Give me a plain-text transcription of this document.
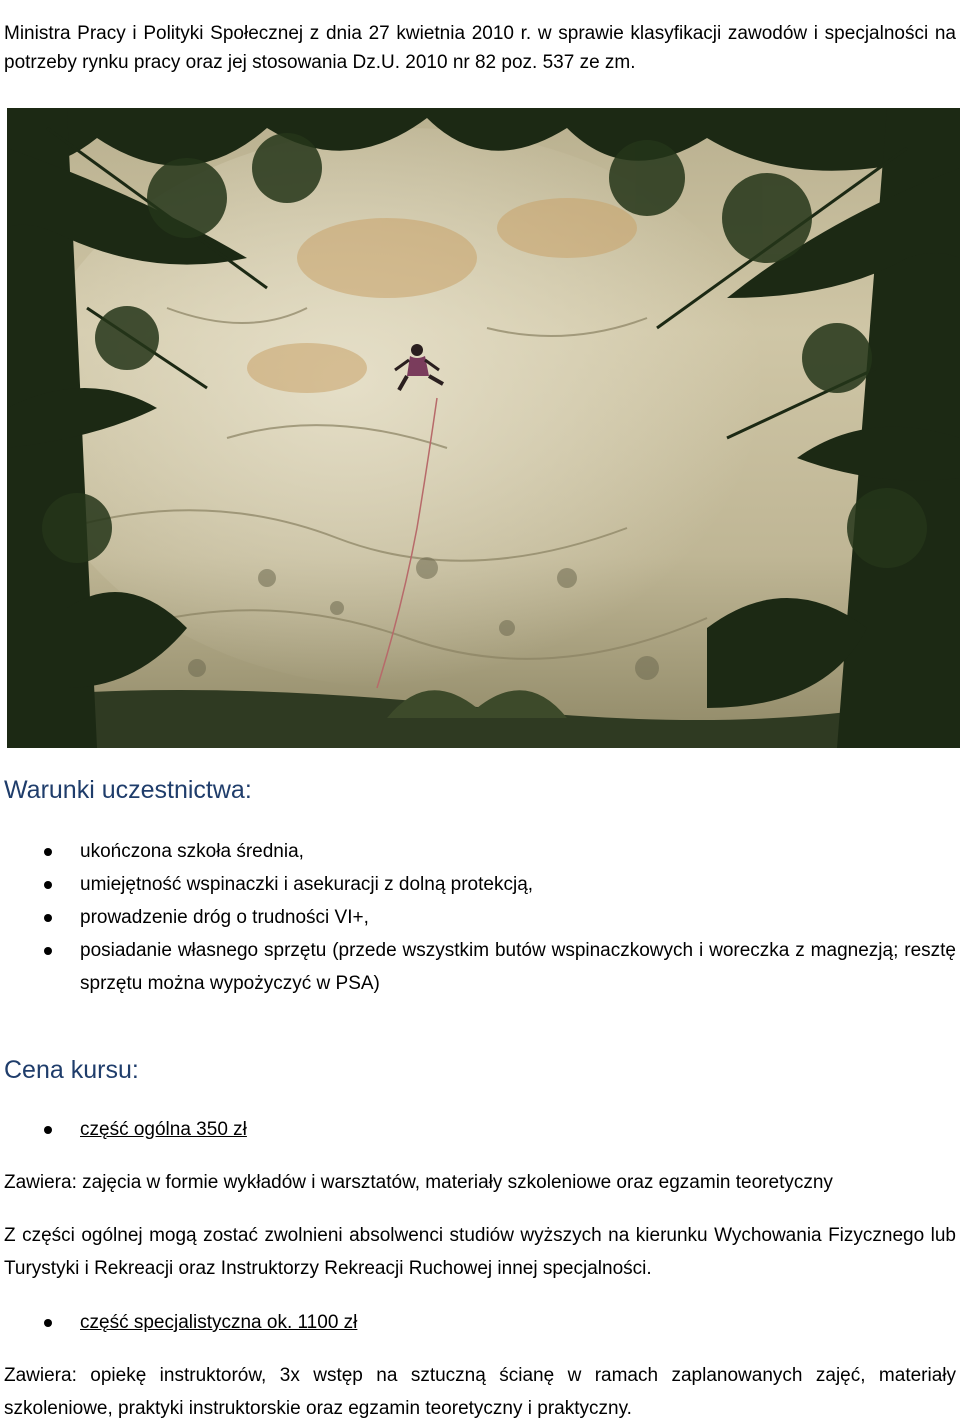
Ministra Pracy i Polityki Społecznej z dnia 27 kwietnia 2010 r. w sprawie klasyfikacji zawodów i specjalności na potrzeby rynku pracy oraz jej stosowania Dz.U. 2010 nr 82 poz. 537 ze zm.

Warunki uczestnictwa:
ukończona szkoła średnia,
umiejętność wspinaczki i asekuracji z dolną protekcją,
prowadzenie dróg o trudności VI+,
posiadanie własnego sprzętu (przede wszystkim butów wspinaczkowych i woreczka z magnezją; resztę sprzętu można wypożyczyć w PSA)
Cena kursu:
część ogólna 350 zł

Zawiera: zajęcia w formie wykładów i warsztatów, materiały szkoleniowe oraz egzamin teoretyczny

Z części ogólnej mogą zostać zwolnieni absolwenci studiów wyższych na kierunku Wychowania Fizycznego lub Turystyki i Rekreacji oraz Instruktorzy Rekreacji Ruchowej innej specjalności.

część specjalistyczna ok. 1100 zł

Zawiera: opiekę instruktorów, 3x wstęp na sztuczną ścianę w ramach zaplanowanych zajęć, materiały szkoleniowe, praktyki instruktorskie oraz egzamin teoretyczny i praktyczny.
